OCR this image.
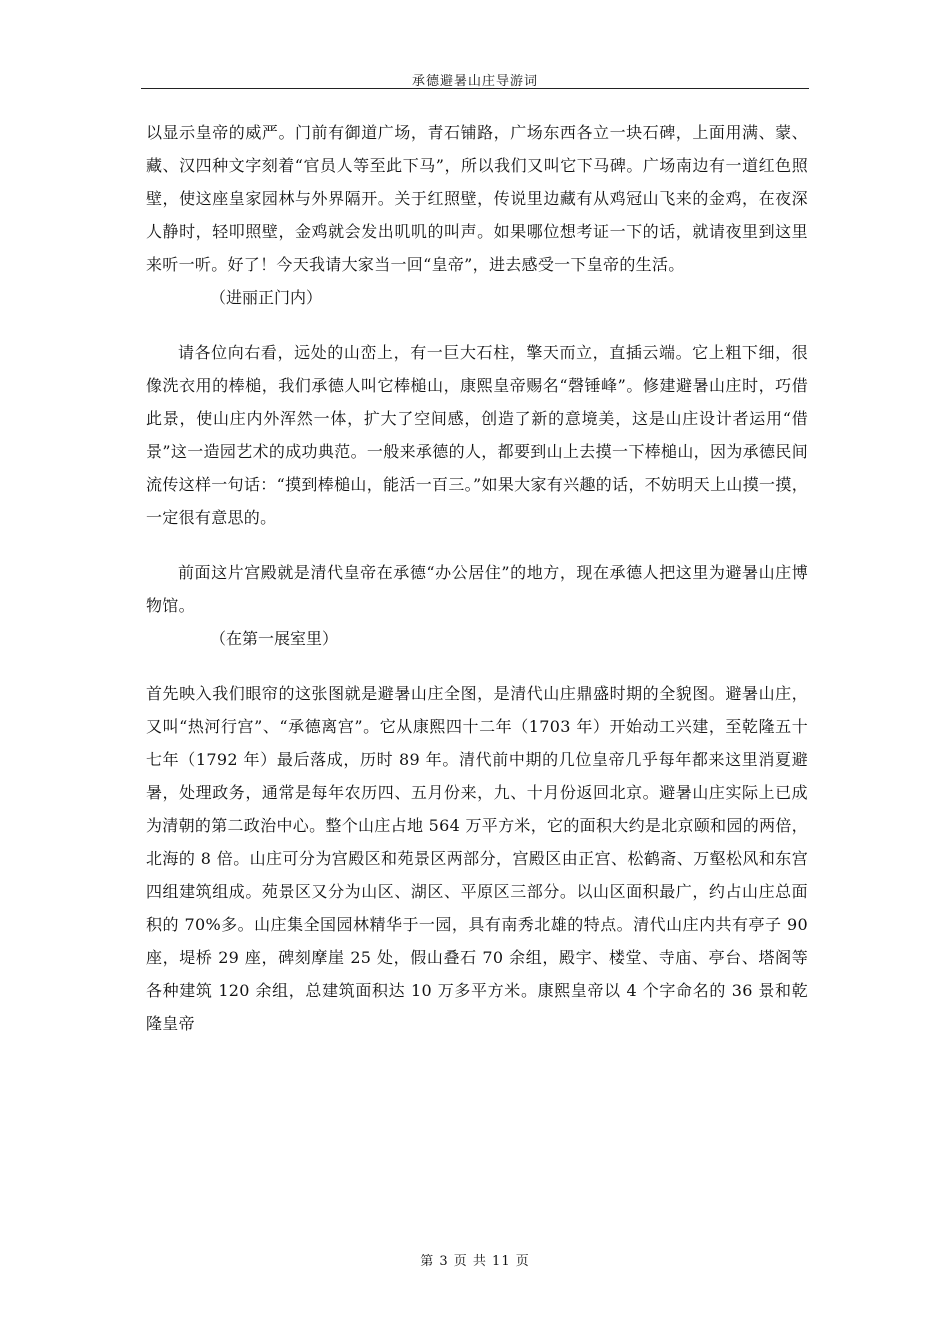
承德避暑山庄导游词

以显示皇帝的威严。门前有御道广场，青石铺路，广场东西各立一块石碑，上面用满、蒙、藏、汉四种文字刻着“官员人等至此下马”，所以我们又叫它下马碑。广场南边有一道红色照壁，使这座皇家园林与外界隔开。关于红照壁，传说里边藏有从鸡冠山飞来的金鸡，在夜深人静时，轻叩照壁，金鸡就会发出叽叽的叫声。如果哪位想考证一下的话，就请夜里到这里来听一听。好了！今天我请大家当一回“皇帝”，进去感受一下皇帝的生活。

（进丽正门内）

请各位向右看，远处的山峦上，有一巨大石柱，擎天而立，直插云端。它上粗下细，很像洗衣用的棒槌，我们承德人叫它棒槌山，康熙皇帝赐名“磬锤峰”。修建避暑山庄时，巧借此景，使山庄内外浑然一体，扩大了空间感，创造了新的意境美，这是山庄设计者运用“借景”这一造园艺术的成功典范。一般来承德的人，都要到山上去摸一下棒槌山，因为承德民间流传这样一句话：“摸到棒槌山，能活一百三。”如果大家有兴趣的话，不妨明天上山摸一摸，一定很有意思的。

前面这片宫殿就是清代皇帝在承德“办公居住”的地方，现在承德人把这里为避暑山庄博物馆。

（在第一展室里）

首先映入我们眼帘的这张图就是避暑山庄全图，是清代山庄鼎盛时期的全貌图。避暑山庄，又叫“热河行宫”、“承德离宫”。它从康熙四十二年（1703 年）开始动工兴建，至乾隆五十七年（1792 年）最后落成，历时 89 年。清代前中期的几位皇帝几乎每年都来这里消夏避暑，处理政务，通常是每年农历四、五月份来，九、十月份返回北京。避暑山庄实际上已成为清朝的第二政治中心。整个山庄占地 564 万平方米，它的面积大约是北京颐和园的两倍，北海的 8 倍。山庄可分为宫殿区和苑景区两部分，宫殿区由正宫、松鹤斋、万壑松风和东宫四组建筑组成。苑景区又分为山区、湖区、平原区三部分。以山区面积最广，约占山庄总面积的 70%多。山庄集全国园林精华于一园，具有南秀北雄的特点。清代山庄内共有亭子 90 座，堤桥 29 座，碑刻摩崖 25 处，假山叠石 70 余组，殿宇、楼堂、寺庙、亭台、塔阁等各种建筑 120 余组，总建筑面积达 10 万多平方米。康熙皇帝以 4 个字命名的 36 景和乾隆皇帝

第 3 页 共 11 页
